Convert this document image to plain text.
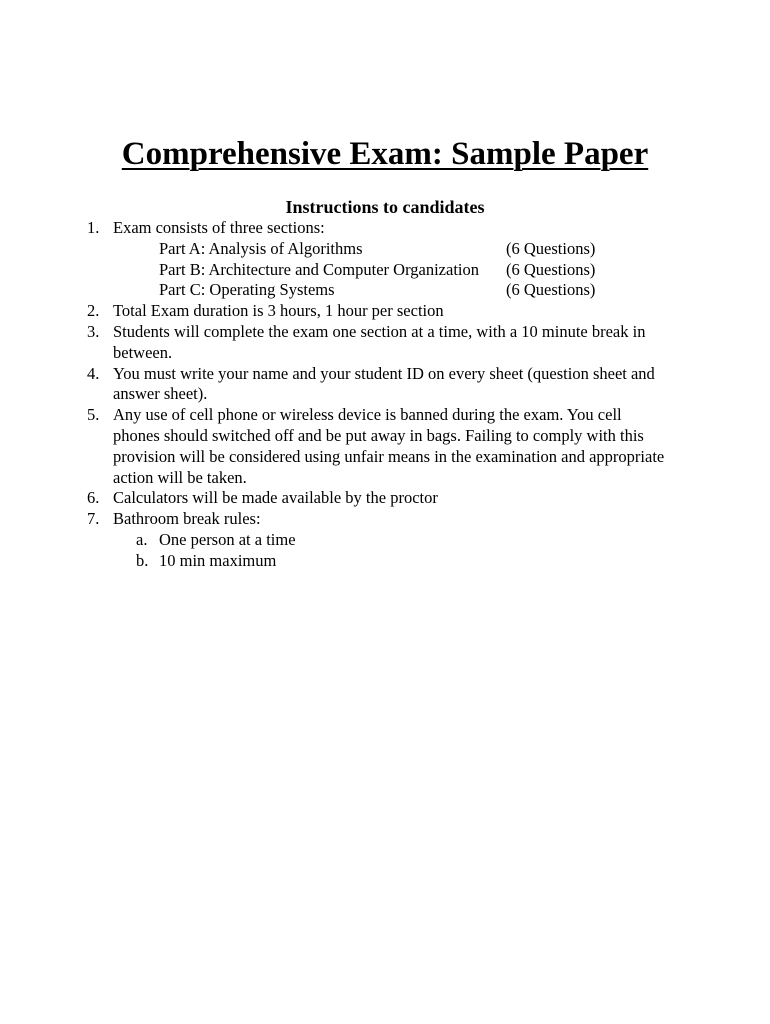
Comprehensive Exam: Sample Paper
Instructions to candidates
1. Exam consists of three sections:
Part A: Analysis of Algorithms	(6 Questions)
Part B: Architecture and Computer Organization (6 Questions)
Part C: Operating Systems	(6 Questions)
2. Total Exam duration is 3 hours, 1 hour per section
3. Students will complete the exam one section at a time, with a 10 minute break in
between.
4. You must write your name and your student ID on every sheet (question sheet and
answer sheet).
5. Any use of cell phone or wireless device is banned during the exam. You cell
phones should switched off and be put away in bags. Failing to comply with this
provision will be considered using unfair means in the examination and appropriate
action will be taken.
6. Calculators will be made available by the proctor
7. Bathroom break rules:
a. One person at a time
b. 10 min maximum
